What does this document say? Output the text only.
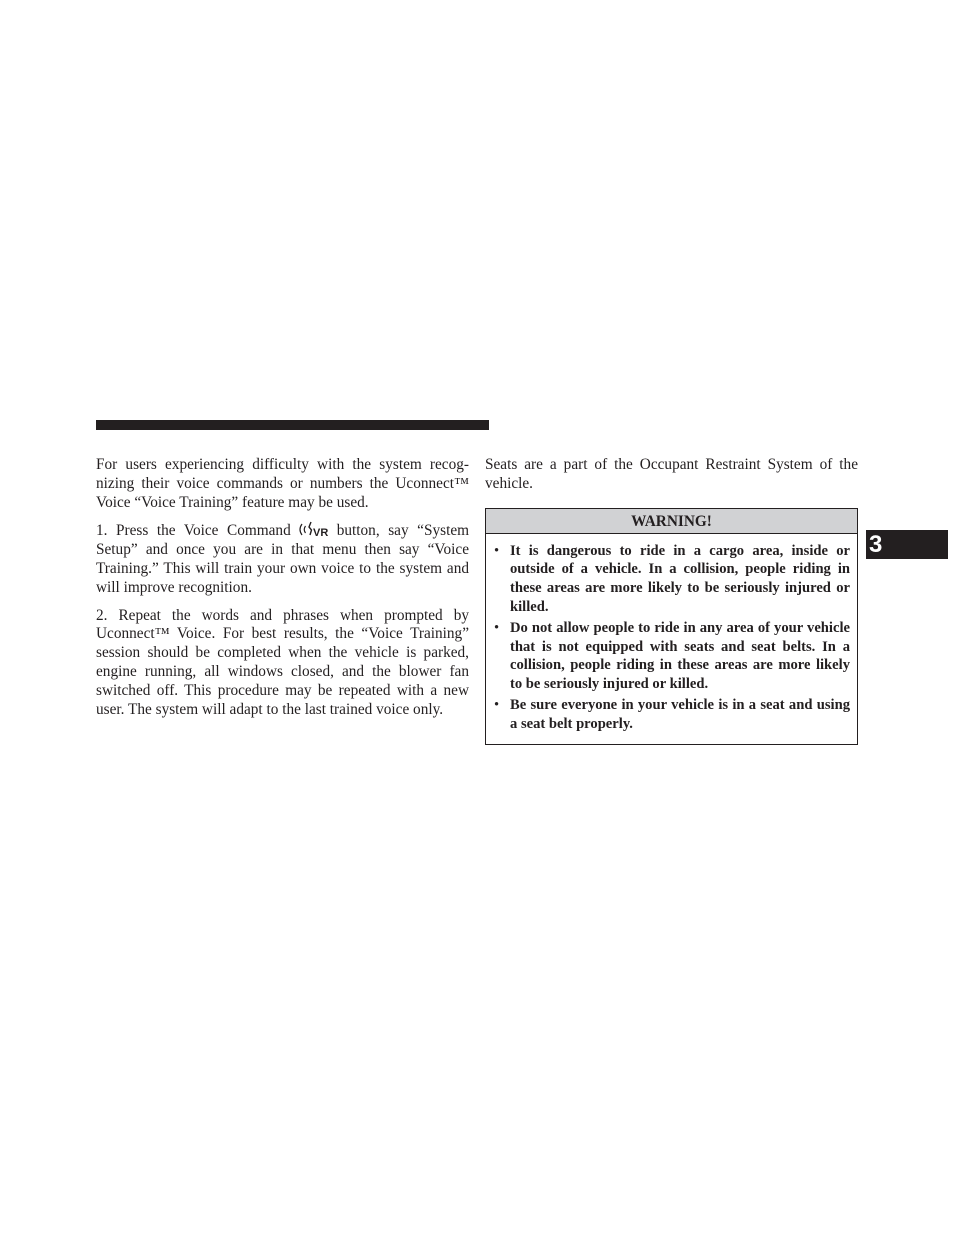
For users experiencing difficulty with the system recog-nizing their voice commands or numbers the Uconnect™ Voice “Voice Training” feature may be used.

1. Press the Voice Command VR button, say “System Setup” and once you are in that menu then say “Voice Training.” This will train your own voice to the system and will improve recognition.

2. Repeat the words and phrases when prompted by Uconnect™ Voice. For best results, the “Voice Training” session should be completed when the vehicle is parked, engine running, all windows closed, and the blower fan switched off. This procedure may be repeated with a new user. The system will adapt to the last trained voice only.

Seats are a part of the Occupant Restraint System of the vehicle.

WARNING!
• It is dangerous to ride in a cargo area, inside or outside of a vehicle. In a collision, people riding in these areas are more likely to be seriously injured or killed.
• Do not allow people to ride in any area of your vehicle that is not equipped with seats and seat belts. In a collision, people riding in these areas are more likely to be seriously injured or killed.
• Be sure everyone in your vehicle is in a seat and using a seat belt properly.
3
